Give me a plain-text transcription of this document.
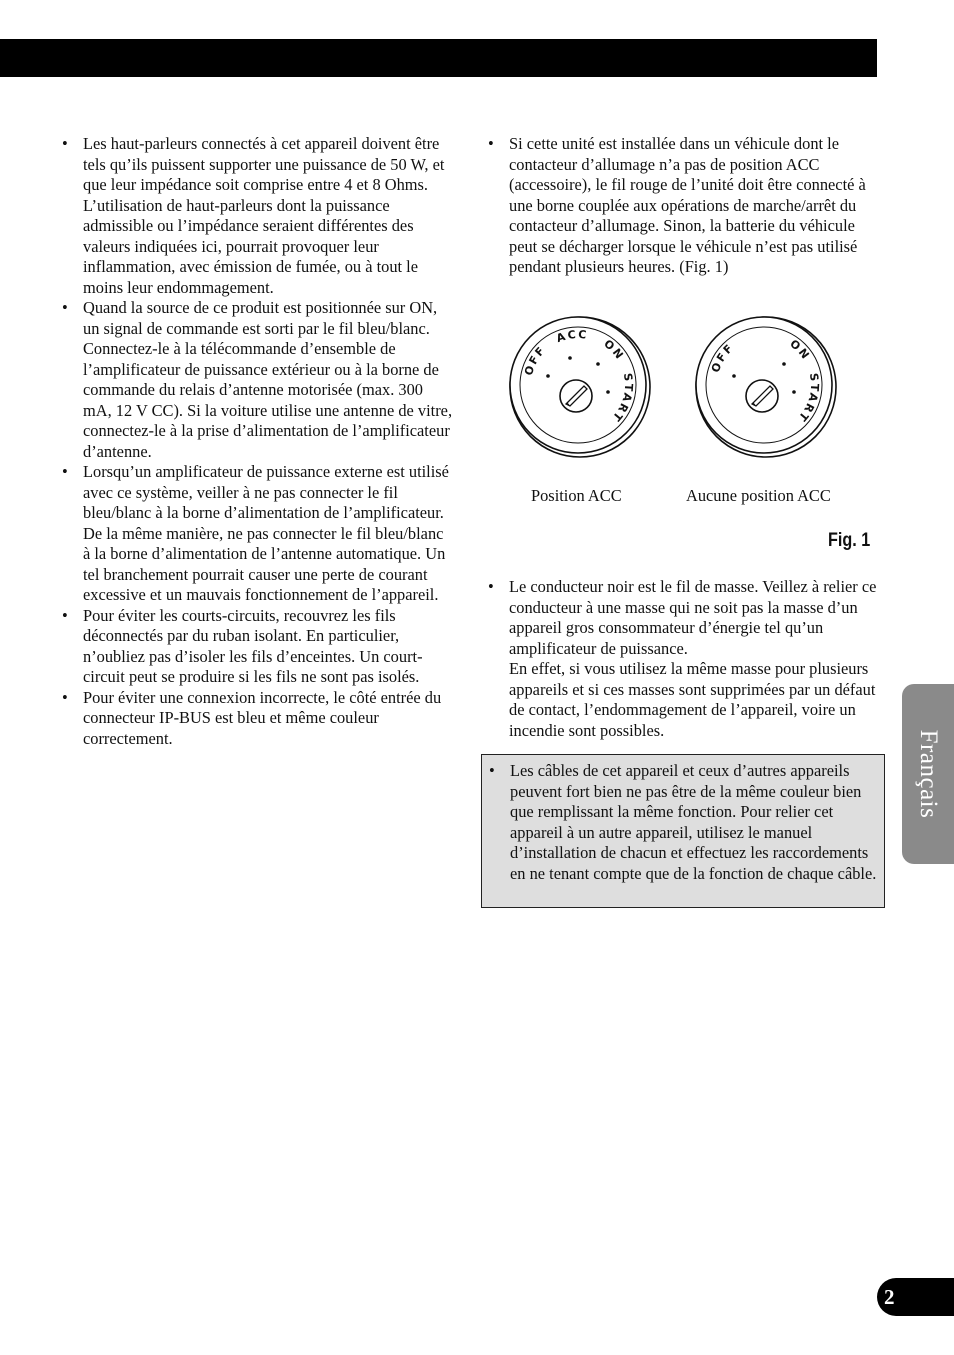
• Les haut-parleurs connectés à cet appareil doivent être tels qu’ils puissent supporter une puissance de 50 W, et que leur impédance soit comprise entre 4 et 8 Ohms. L’utilisation de haut-parleurs dont la puissance admissible ou l’impédance seraient différentes des valeurs indiquées ici, pourrait provoquer leur inflammation, avec émission de fumée, ou à tout le moins leur endommagement.
• Quand la source de ce produit est positionnée sur ON, un signal de commande est sorti par le fil bleu/blanc. Connectez-le à la télécommande d’ensemble de l’amplificateur de puissance extérieur ou à la borne de commande du relais d’antenne motorisée (max. 300 mA, 12 V CC). Si la voiture utilise une antenne de vitre, connectez-le à la prise d’alimentation de l’amplificateur d’antenne.
• Lorsqu’un amplificateur de puissance externe est utilisé avec ce système, veiller à ne pas connecter le fil bleu/blanc à la borne d’alimentation de l’amplificateur. De la même manière, ne pas connecter le fil bleu/blanc à la borne d’alimentation de l’antenne automatique. Un tel branchement pourrait causer une perte de courant excessive et un mauvais fonctionnement de l’appareil.
• Pour éviter les courts-circuits, recouvrez les fils déconnectés par du ruban isolant. En particulier, n’oubliez pas d’isoler les fils d’enceintes. Un court-circuit peut se produire si les fils ne sont pas isolés.
• Pour éviter une connexion incorrecte, le côté entrée du connecteur IP-BUS est bleu et même couleur correctement.
• Si cette unité est installée dans un véhicule dont le contacteur d’allumage n’a pas de position ACC (accessoire), le fil rouge de l’unité doit être connecté à une borne couplée aux opérations de marche/arrêt du contacteur d’allumage. Sinon, la batterie du véhicule peut se décharger lorsque le véhicule n’est pas utilisé pendant plusieurs heures. (Fig. 1)
OFF
ACC
ON
START
OFF	ON
START
Position ACC	Aucune position ACC
Fig. 1
• Le conducteur noir est le fil de masse. Veillez à relier ce conducteur à une masse qui ne soit pas la masse d’un appareil gros consommateur d’énergie tel qu’un amplificateur de puissance.
En effet, si vous utilisez la même masse pour plusieurs appareils et si ces masses sont supprimées par un défaut de contact, l’endommagement de l’appareil, voire un incendie sont possibles.
• Les câbles de cet appareil et ceux d’autres appareils peuvent fort bien ne pas être de la même couleur bien que remplissant la même fonction. Pour relier cet appareil à un autre appareil, utilisez le manuel d’installation de chacun et effectuez les raccordements en ne tenant compte que de la fonction de chaque câble.
Français
2
